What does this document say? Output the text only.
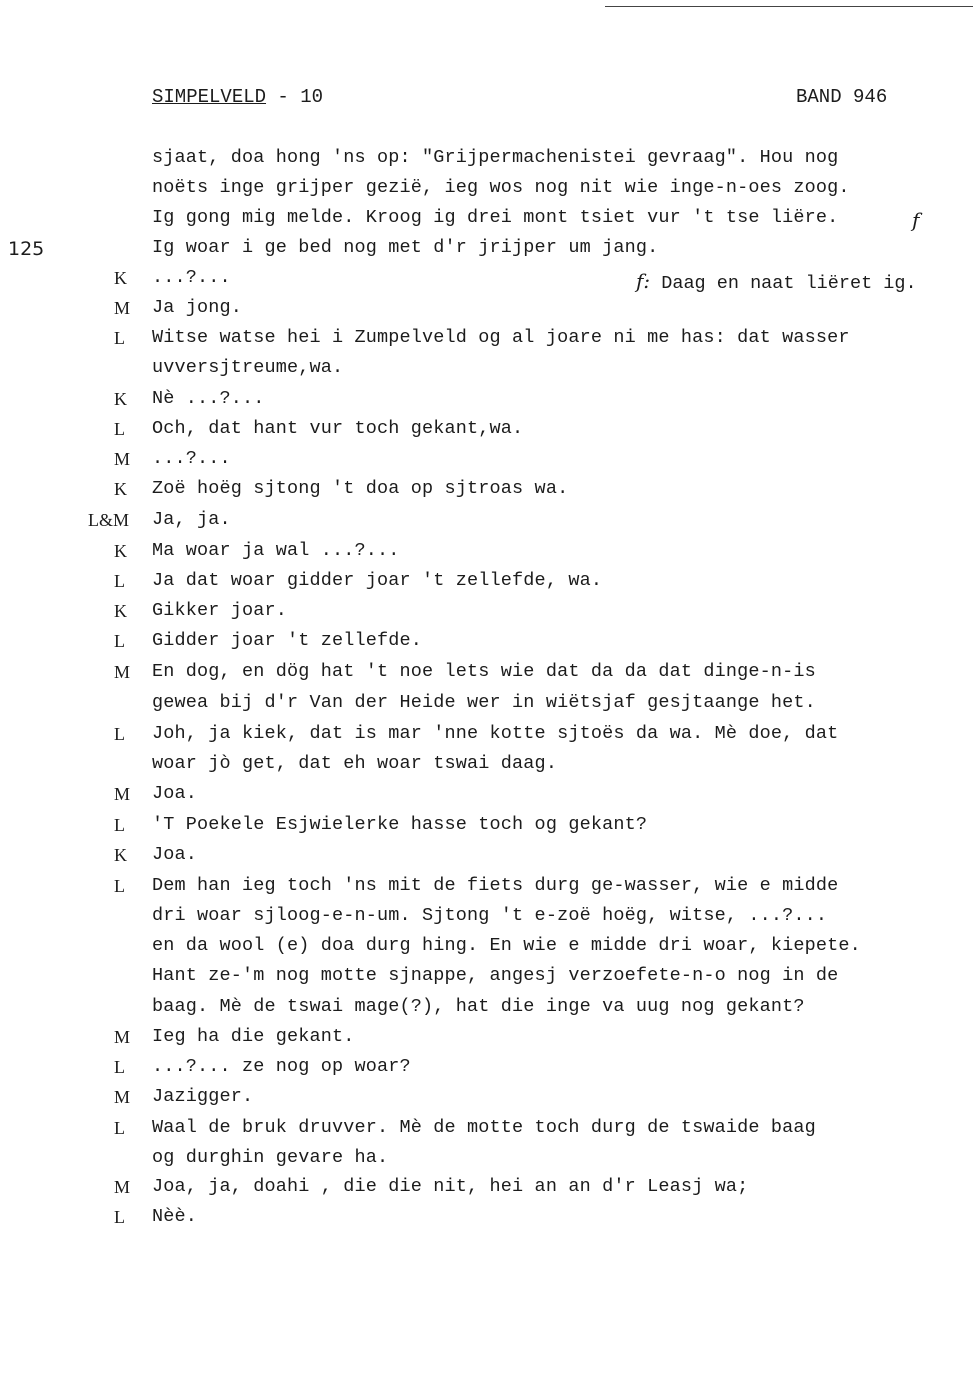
SIMPELVELD - 10	BAND 946
125
sjaat, doa hong 'ns op: "Grijpermachenistei gevraag". Hou nog
noëts inge grijper gezië, ieg wos nog nit wie inge-n-oes zoog.
Ig gong mig melde. Kroog ig drei mont tsiet vur 't tse liëre.
Ig woar i ge bed nog met d'r jrijper um jang.
K	...?...
M	Ja jong.
L	Witse watse hei i Zumpelveld og al joare ni me has: dat wasser
uvversjtreume,wa.
K	Nè ...?...
L	Och, dat hant vur toch gekant,wa.
M	...?...
K	Zoë hoëg sjtong 't doa op sjtroas wa.
L&M	Ja, ja.
K	Ma woar ja wal ...?...
L	Ja dat woar gidder joar 't zellefde, wa.
K	Gikker joar.
L	Gidder joar 't zellefde.
M	En dog, en dög hat 't noe lets wie dat da da dat dinge-n-is
gewea bij d'r Van der Heide wer in wiëtsjaf gesjtaange het.
L	Joh, ja kiek, dat is mar 'nne kotte sjtoës da wa. Mè doe, dat
woar jò get, dat eh woar tswai daag.
M	Joa.
L	'T Poekele Esjwielerke hasse toch og gekant?
K	Joa.
L	Dem han ieg toch 'ns mit de fiets durg ge-wasser, wie e midde
dri woar sjloog-e-n-um. Sjtong 't e-zoë hoëg, witse, ...?...
en da wool (e) doa durg hing. En wie e midde dri woar, kiepete.
Hant ze-'m nog motte sjnappe, angesj verzoefete-n-o nog in de
baag. Mè de tswai mage(?), hat die inge va uug nog gekant?
M	Ieg ha die gekant.
L	...?... ze nog op woar?
M	Jazigger.
L	Waal de bruk druvver. Mè de motte toch durg de tswaide baag
og durghin gevare ha.
M	Joa, ja, doahi , die die nit, hei an an d'r Leasj wa;
L	Nèè.
f
f: Daag en naat liëret ig.
